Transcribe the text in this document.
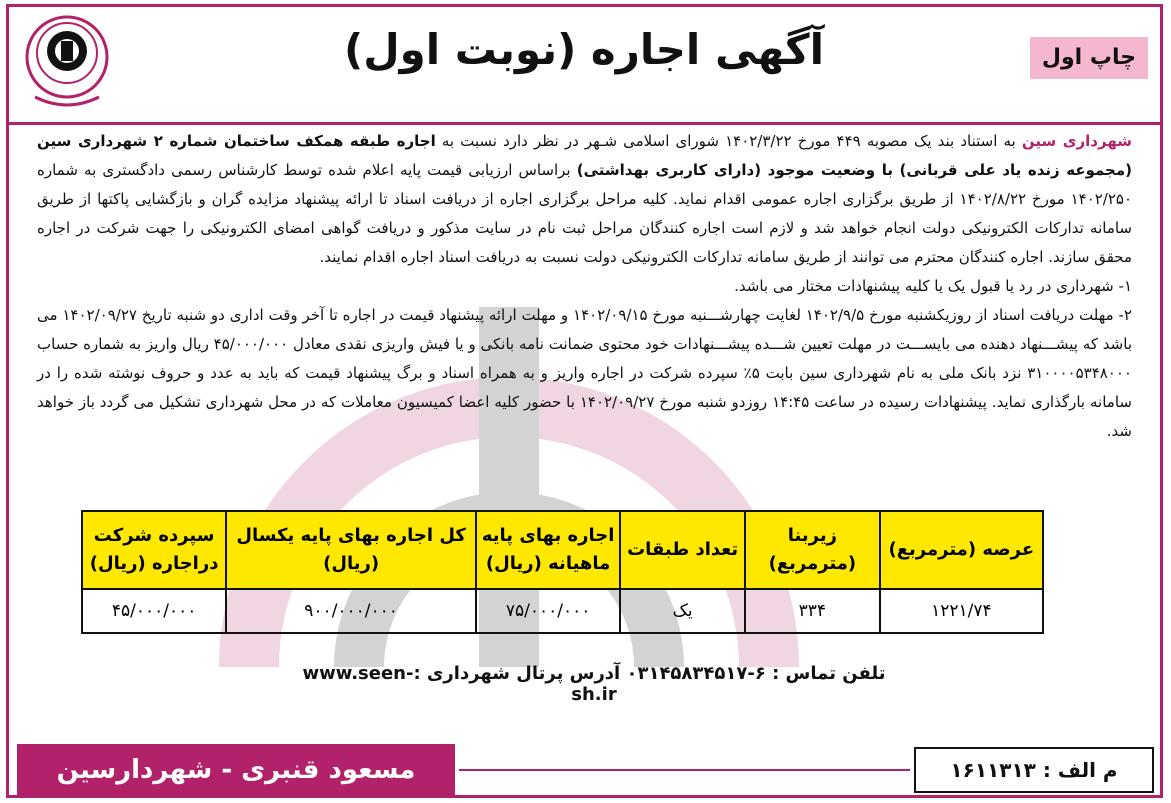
آگهی اجاره (نوبت اول)	چاپ اول

شهرداری سین به استناد بند یک مصوبه ۴۴۹ مورخ ۱۴۰۲/۳/۲۲ شورای اسلامی شـهر در نظر دارد نسبت به اجاره طبقه همکف ساختمان شماره ۲ شهرداری سین (مجموعه زنده یاد علی قربانی) با وضعیت موجود (دارای کاربری بهداشتی) براساس ارزیابی قیمت پایه اعلام شده توسط کارشناس رسمی دادگستری به شماره ۱۴۰۲/۲۵۰ مورخ ۱۴۰۲/۸/۲۲ از طریق برگزاری اجاره عمومی اقدام نماید. کلیه مراحل برگزاری اجاره از دریافت اسناد تا ارائه پیشنهاد مزایده گران و بازگشایی پاکتها از طریق سامانه تدارکات الکترونیکی دولت انجام خواهد شد و لازم است اجاره کنندگان مراحل ثبت نام در سایت مذکور و دریافت گواهی امضای الکترونیکی را جهت شرکت در اجاره محقق سازند. اجاره کنندگان محترم می توانند از طریق سامانه تدارکات الکترونیکی دولت نسبت به دریافت اسناد اجاره اقدام نمایند.

۱- شهرداری در رد یا قبول یک یا کلیه پیشنهادات مختار می باشد.

۲- مهلت دریافت اسناد از روزیکشنبه مورخ ۱۴۰۲/۹/۵ لغایت چهارشـــنبه مورخ ۱۴۰۲/۰۹/۱۵ و مهلت ارائه پیشنهاد قیمت در اجاره تا آخر وقت اداری دو شنبه تاریخ ۱۴۰۲/۰۹/۲۷ می باشد که پیشـــنهاد دهنده می بایســـت در مهلت تعیین شـــده پیشـــنهادات خود محتوی ضمانت نامه بانکی و یا فیش واریزی نقدی معادل ۴۵/۰۰۰/۰۰۰ ریال واریز به شماره حساب ۳۱۰۰۰۰۵۳۴۸۰۰۰ نزد بانک ملی به نام شهرداری سین بابت ۵٪ سپرده شرکت در اجاره واریز و به همراه اسناد و برگ پیشنهاد قیمت که باید به عدد و حروف نوشته شده را در سامانه بارگذاری نماید. پیشنهادات رسیده در ساعت ۱۴:۴۵ روزدو شنبه مورخ ۱۴۰۲/۰۹/۲۷ با حضور کلیه اعضا کمیسیون معاملات که در محل شهرداری تشکیل می گردد باز خواهد شد.

عرصه (مترمربع)	زیربنا (مترمربع)	تعداد طبقات	اجاره بهای پایه ماهیانه (ریال)	کل اجاره بهای پایه یکسال (ریال)	سپرده شرکت دراجاره (ریال)
۱۲۲۱/۷۴	۳۳۴	یک	۷۵/۰۰۰/۰۰۰	۹۰۰/۰۰۰/۰۰۰	۴۵/۰۰۰/۰۰۰
تلفن تماس : ۶-۰۳۱۴۵۸۳۴۵۱۷ آدرس پرتال شهرداری :www.seen-sh.ir
مسعود قنبری - شهردارسین	م الف : ۱۶۱۱۳۱۳
